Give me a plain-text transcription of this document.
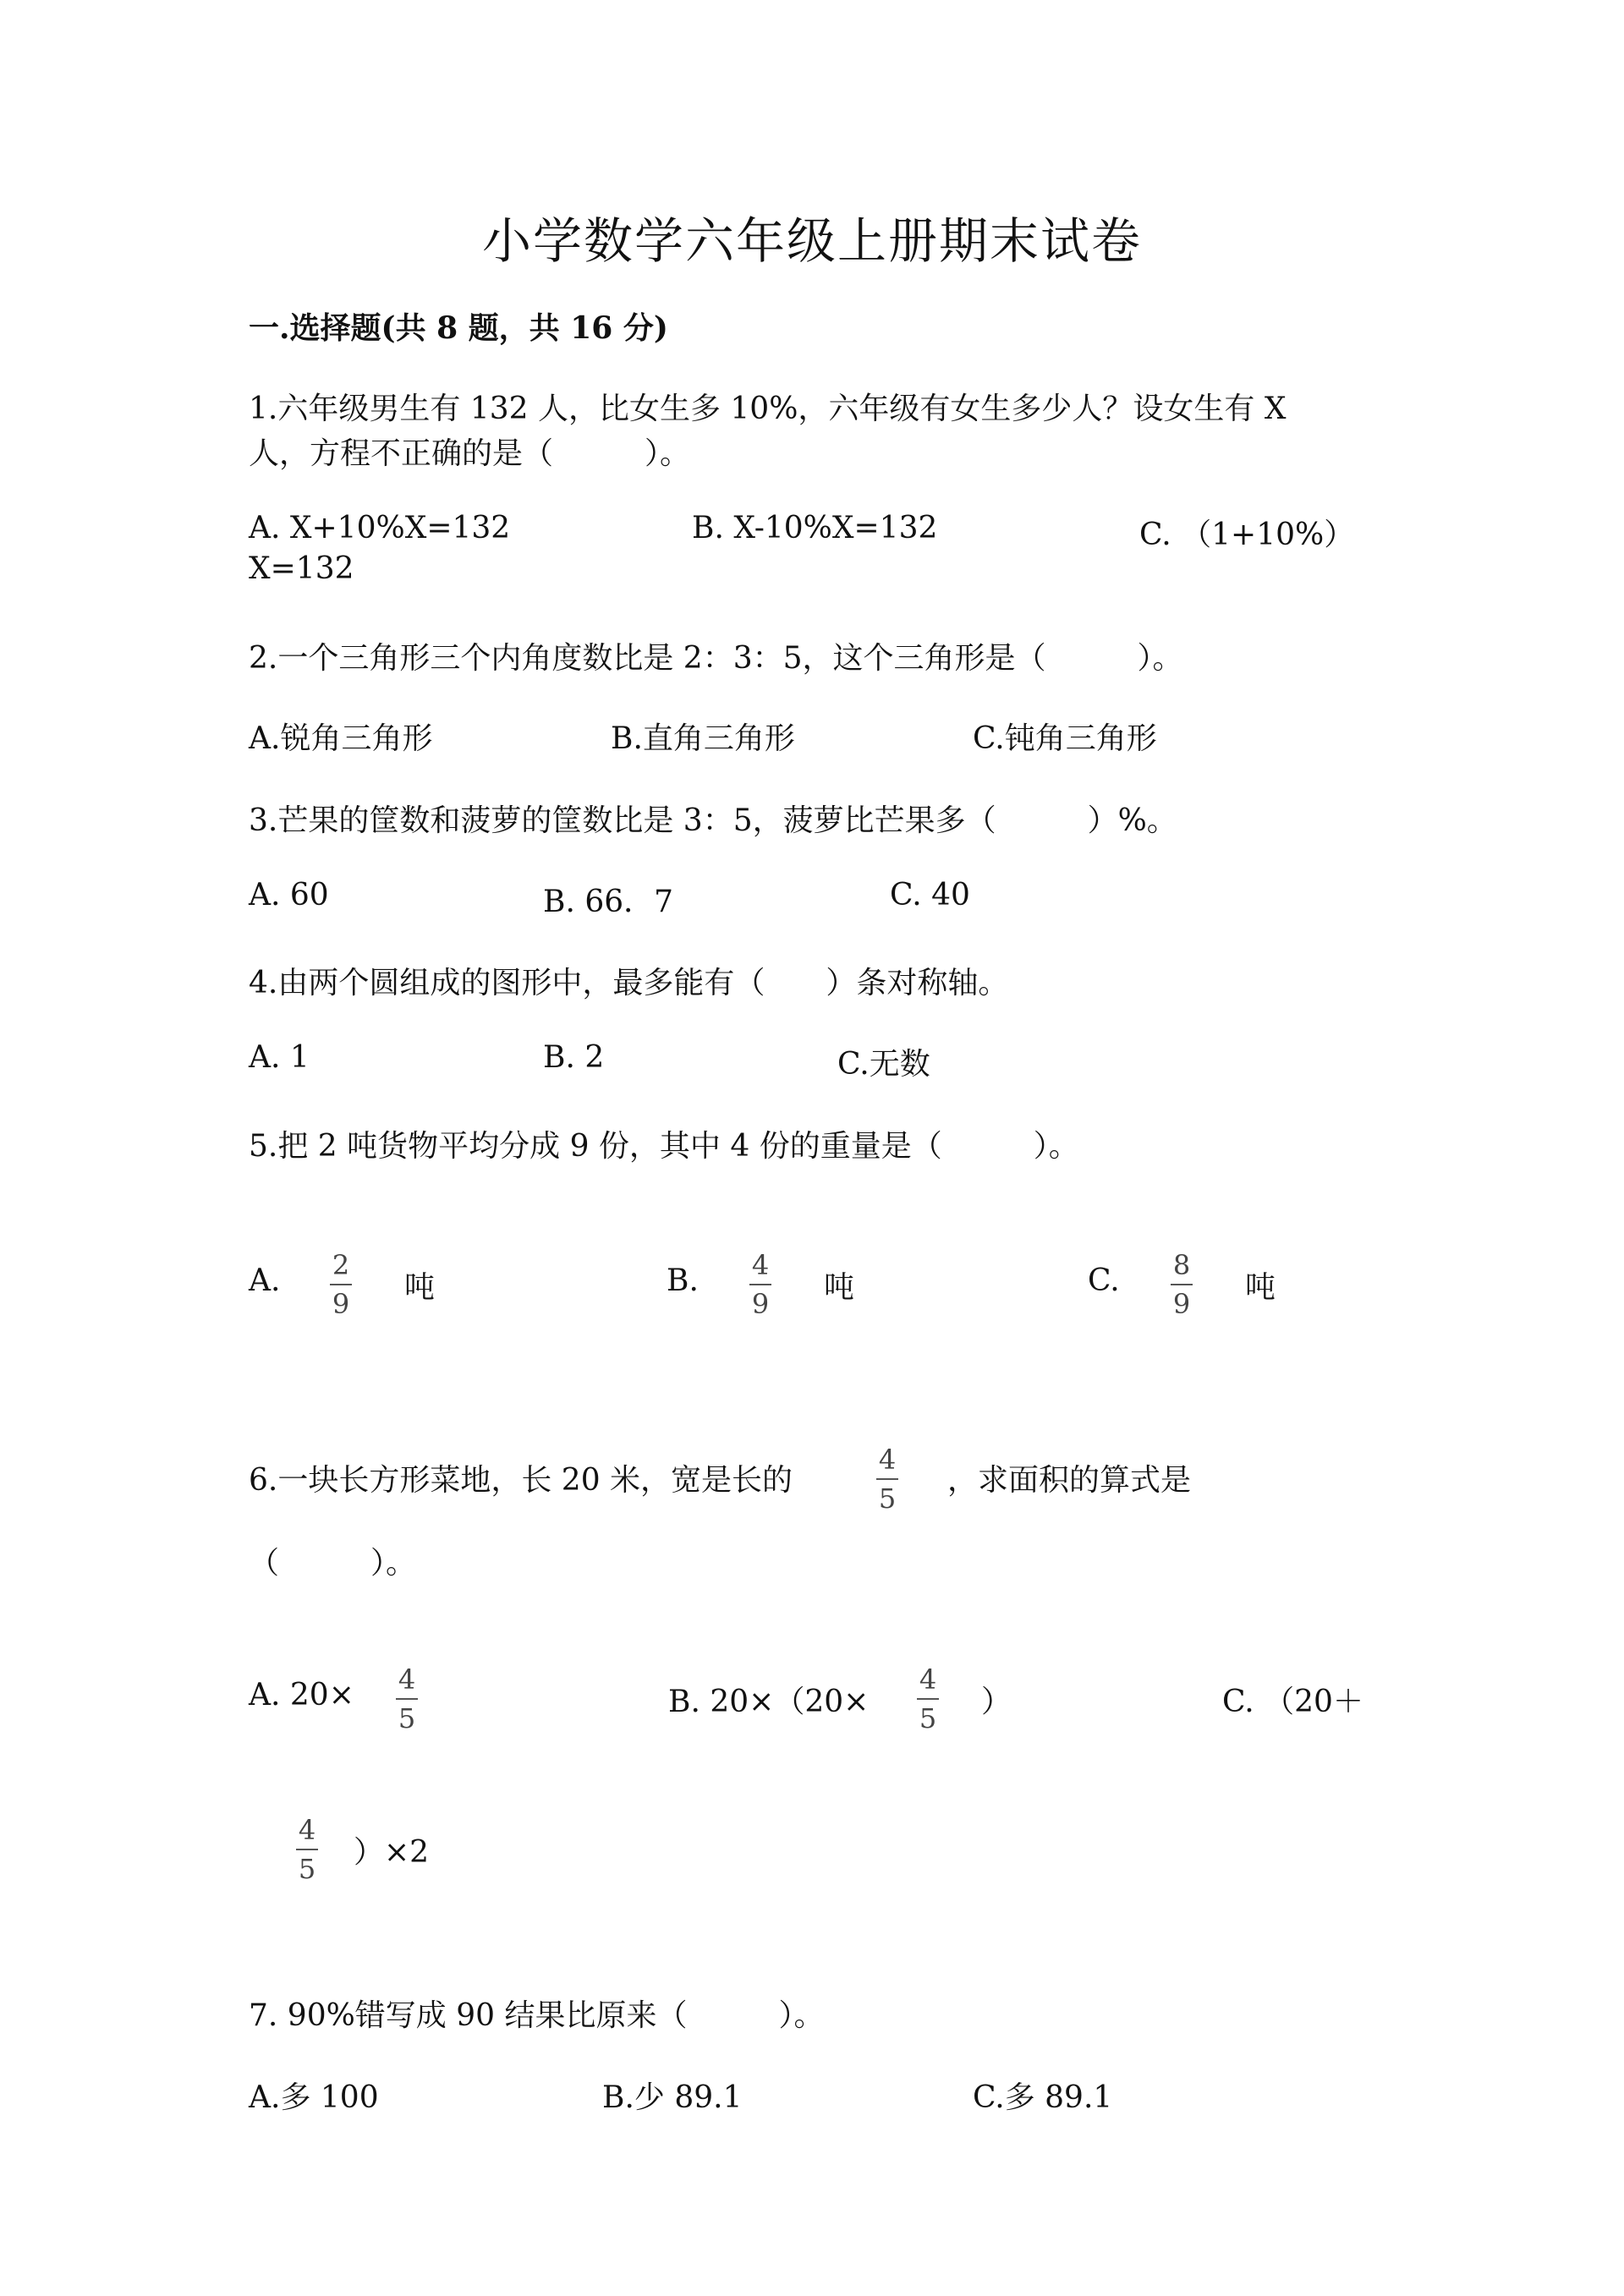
小学数学六年级上册期末试卷
一.选择题(共 8 题，共 16 分)
1.六年级男生有 132 人，比女生多 10%，六年级有女生多少人？设女生有 X
人，方程不正确的是（　　　）。
A. X+10%X=132	B. X-10%X=132	C. （1+10%）
X=132
2.一个三角形三个内角度数比是 2：3：5，这个三角形是（　　　）。
A.锐角三角形	B.直角三角形	C.钝角三角形
3.芒果的筐数和菠萝的筐数比是 3：5，菠萝比芒果多（　　　）%。
A. 60	B. 66．7	C. 40
4.由两个圆组成的图形中，最多能有（　　）条对称轴。
A. 1	B. 2	C.无数
5.把 2 吨货物平均分成 9 份，其中 4 份的重量是（　　　）。
A. 2
9 吨	B. 4
9 吨	C. 8
9 吨
6.一块长方形菜地，长 20 米，宽是长的
4
5
，求面积的算式是
（　　　）。
A. 20× 4
5	B. 20×（20×
4
5 ）	C. （20＋
4
5 ）×2
7. 90%错写成 90 结果比原来（　　　）。
A.多 100	B.少 89.1	C.多 89.1
